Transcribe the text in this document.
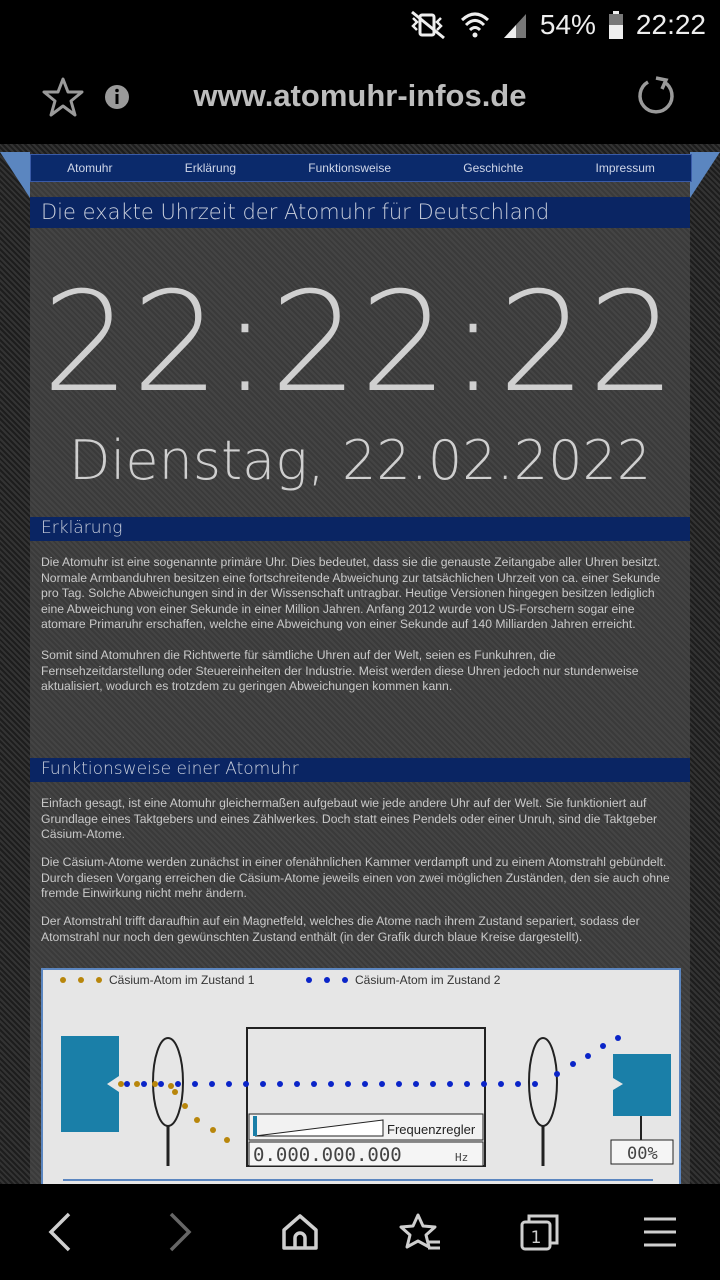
54% 22:22
www.atomuhr-infos.de
Atomuhr	Erklärung	Funktionsweise	Geschichte	Impressum
Die exakte Uhrzeit der Atomuhr für Deutschland
22:22:22
Dienstag, 22.02.2022
Erklärung

Die Atomuhr ist eine sogenannte primäre Uhr. Dies bedeutet, dass sie die genauste Zeitangabe aller Uhren besitzt. Normale Armbanduhren besitzen eine fortschreitende Abweichung zur tatsächlichen Uhrzeit von ca. einer Sekunde pro Tag. Solche Abweichungen sind in der Wissenschaft untragbar. Heutige Versionen hingegen besitzen lediglich eine Abweichung von einer Sekunde in einer Million Jahren. Anfang 2012 wurde von US-Forschern sogar eine atomare Primaruhr erschaffen, welche eine Abweichung von einer Sekunde auf 140 Milliarden Jahren erreicht.

Somit sind Atomuhren die Richtwerte für sämtliche Uhren auf der Welt, seien es Funkuhren, die Fernsehzeitdarstellung oder Steuereinheiten der Industrie. Meist werden diese Uhren jedoch nur stundenweise aktualisiert, wodurch es trotzdem zu geringen Abweichungen kommen kann.

Funktionsweise einer Atomuhr

Einfach gesagt, ist eine Atomuhr gleichermaßen aufgebaut wie jede andere Uhr auf der Welt. Sie funktioniert auf Grundlage eines Taktgebers und eines Zählwerkes. Doch statt eines Pendels oder einer Unruh, sind die Taktgeber Cäsium-Atome.

Die Cäsium-Atome werden zunächst in einer ofenähnlichen Kammer verdampft und zu einem Atomstrahl gebündelt. Durch diesen Vorgang erreichen die Cäsium-Atome jeweils einen von zwei möglichen Zuständen, den sie auch ohne fremde Einwirkung nicht mehr ändern.

Der Atomstrahl trifft daraufhin auf ein Magnetfeld, welches die Atome nach ihrem Zustand separiert, sodass der Atomstrahl nur noch den gewünschten Zustand enthält (in der Grafik durch blaue Kreise dargestellt).

Cäsium-Atom im Zustand 1	Cäsium-Atom im Zustand 2
Frequenzregler
0.000.000.000	Hz	00%
1
